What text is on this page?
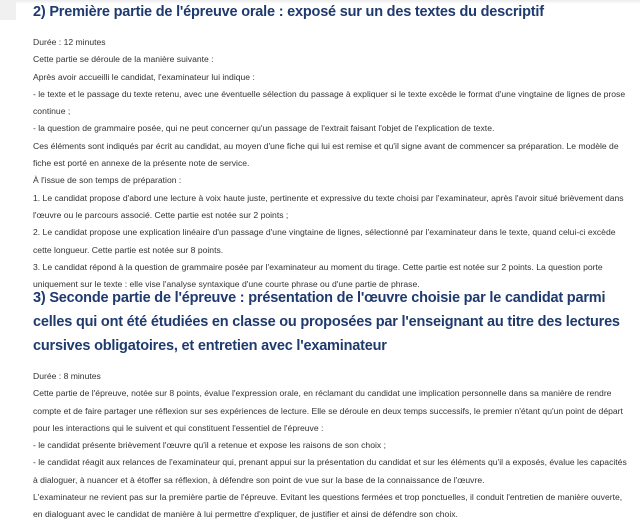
2) Première partie de l'épreuve orale : exposé sur un des textes du descriptif

Durée : 12 minutes

Cette partie se déroule de la manière suivante :

Après avoir accueilli le candidat, l'examinateur lui indique :

- le texte et le passage du texte retenu, avec une éventuelle sélection du passage à expliquer si le texte excède le format d'une vingtaine de lignes de prose continue ;

- la question de grammaire posée, qui ne peut concerner qu'un passage de l'extrait faisant l'objet de l'explication de texte.

Ces éléments sont indiqués par écrit au candidat, au moyen d'une fiche qui lui est remise et qu'il signe avant de commencer sa préparation. Le modèle de fiche est porté en annexe de la présente note de service.

À l'issue de son temps de préparation :

1. Le candidat propose d'abord une lecture à voix haute juste, pertinente et expressive du texte choisi par l'examinateur, après l'avoir situé brièvement dans l'œuvre ou le parcours associé. Cette partie est notée sur 2 points ;

2. Le candidat propose une explication linéaire d'un passage d'une vingtaine de lignes, sélectionné par l'examinateur dans le texte, quand celui-ci excède cette longueur. Cette partie est notée sur 8 points.

3. Le candidat répond à la question de grammaire posée par l'examinateur au moment du tirage. Cette partie est notée sur 2 points. La question porte uniquement sur le texte : elle vise l'analyse syntaxique d'une courte phrase ou d'une partie de phrase.

3) Seconde partie de l'épreuve : présentation de l'œuvre choisie par le candidat parmi celles qui ont été étudiées en classe ou proposées par l'enseignant au titre des lectures cursives obligatoires, et entretien avec l'examinateur

Durée : 8 minutes

Cette partie de l'épreuve, notée sur 8 points, évalue l'expression orale, en réclamant du candidat une implication personnelle dans sa manière de rendre compte et de faire partager une réflexion sur ses expériences de lecture. Elle se déroule en deux temps successifs, le premier n'étant qu'un point de départ pour les interactions qui le suivent et qui constituent l'essentiel de l'épreuve :

- le candidat présente brièvement l'œuvre qu'il a retenue et expose les raisons de son choix ;

- le candidat réagit aux relances de l'examinateur qui, prenant appui sur la présentation du candidat et sur les éléments qu'il a exposés, évalue les capacités à dialoguer, à nuancer et à étoffer sa réflexion, à défendre son point de vue sur la base de la connaissance de l'œuvre.

L'examinateur ne revient pas sur la première partie de l'épreuve. Evitant les questions fermées et trop ponctuelles, il conduit l'entretien de manière ouverte, en dialoguant avec le candidat de manière à lui permettre d'expliquer, de justifier et ainsi de défendre son choix.
